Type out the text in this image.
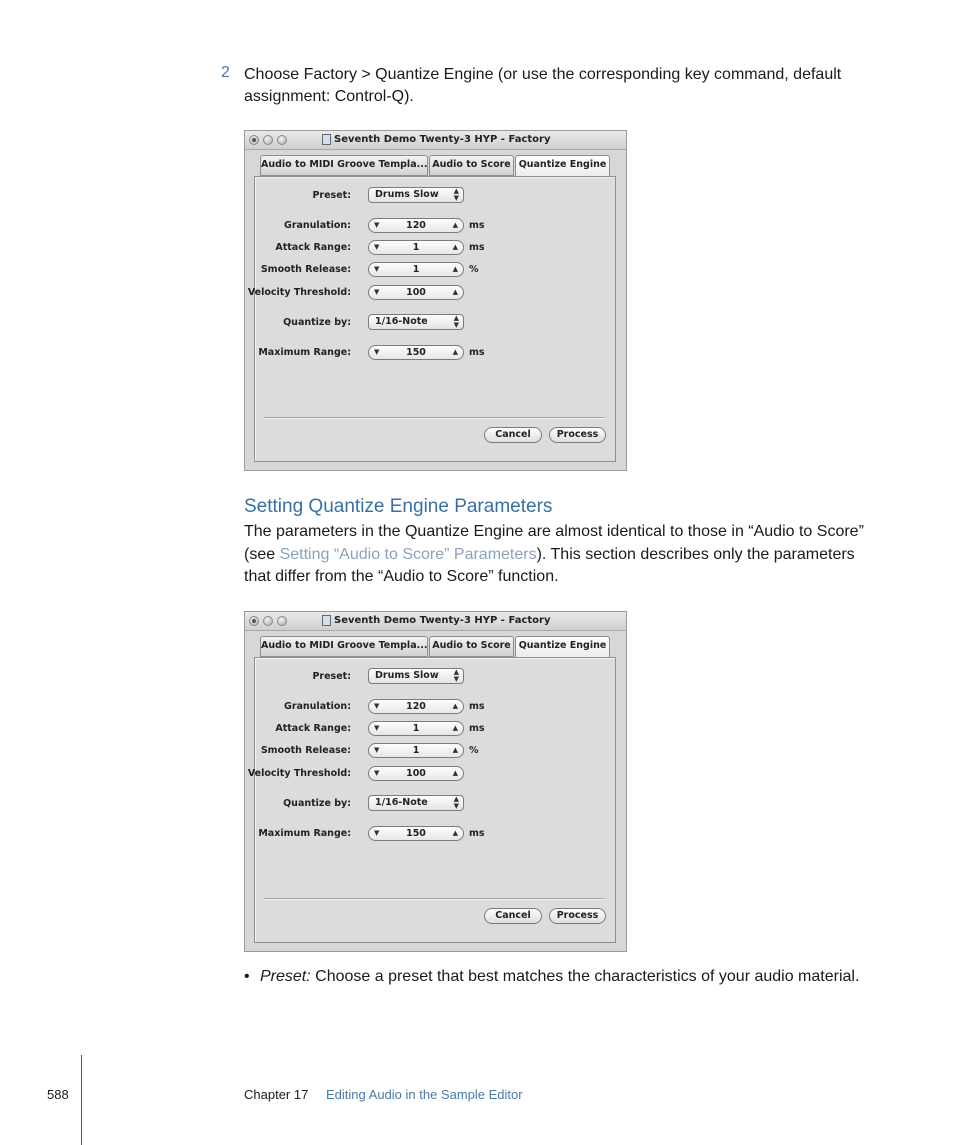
2 Choose Factory > Quantize Engine (or use the corresponding key command, default assignment: Control-Q).
Seventh Demo Twenty-3 HYP - Factory
Audio to MIDI Groove Templa... Audio to Score Quantize Engine
Preset:	Drums Slow ▲
▼
Granulation:	▼	120	▲ ms
Attack Range:	▼	1	▲ ms
Smooth Release:	▼	1	▲ %
Velocity Threshold:	▼	100	▲
Quantize by:	1/16-Note	▲
▼
Maximum Range:	▼	150	▲ ms
Cancel	Process
Setting Quantize Engine Parameters
The parameters in the Quantize Engine are almost identical to those in “Audio to Score” (see Setting “Audio to Score” Parameters). This section describes only the parameters that differ from the “Audio to Score” function.
Seventh Demo Twenty-3 HYP - Factory
Audio to MIDI Groove Templa... Audio to Score Quantize Engine
Preset:	Drums Slow ▲
▼
Granulation:	▼	120	▲ ms
Attack Range:	▼	1	▲ ms
Smooth Release:	▼	1	▲ %
Velocity Threshold:	▼	100	▲
Quantize by:	1/16-Note	▲
▼
Maximum Range:	▼	150	▲ ms
Cancel	Process
• Preset: Choose a preset that best matches the characteristics of your audio material.
588	Chapter 17 Editing Audio in the Sample Editor
